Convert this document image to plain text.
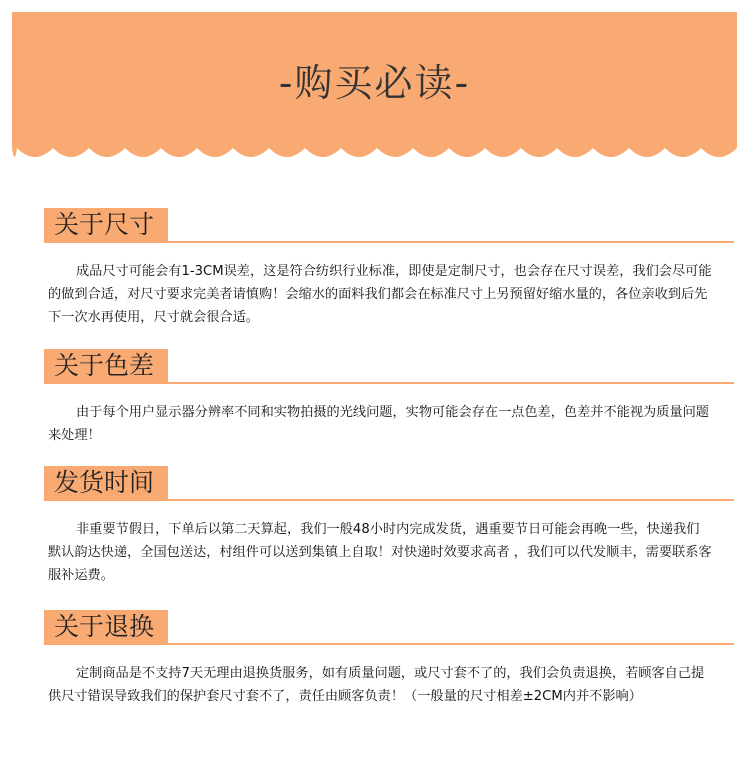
-购买必读-
关于尺寸
成品尺寸可能会有1-3CM误差，这是符合纺织行业标准，即使是定制尺寸，也会存在尺寸误差，我们会尽可能的做到合适，对尺寸要求完美者请慎购！会缩水的面料我们都会在标准尺寸上另预留好缩水量的，各位亲收到后先下一次水再使用，尺寸就会很合适。
关于色差
由于每个用户显示器分辨率不同和实物拍摄的光线问题，实物可能会存在一点色差，色差并不能视为质量问题来处理！
发货时间
非重要节假日，下单后以第二天算起，我们一般48小时内完成发货，遇重要节日可能会再晚一些，快递我们默认韵达快递，全国包送达，村组件可以送到集镇上自取！对快递时效要求高者 ，我们可以代发顺丰，需要联系客服补运费。
关于退换
定制商品是不支持7天无理由退换货服务，如有质量问题，或尺寸套不了的，我们会负责退换，若顾客自己提供尺寸错误导致我们的保护套尺寸套不了，责任由顾客负责！（一般量的尺寸相差±2CM内并不影响）
